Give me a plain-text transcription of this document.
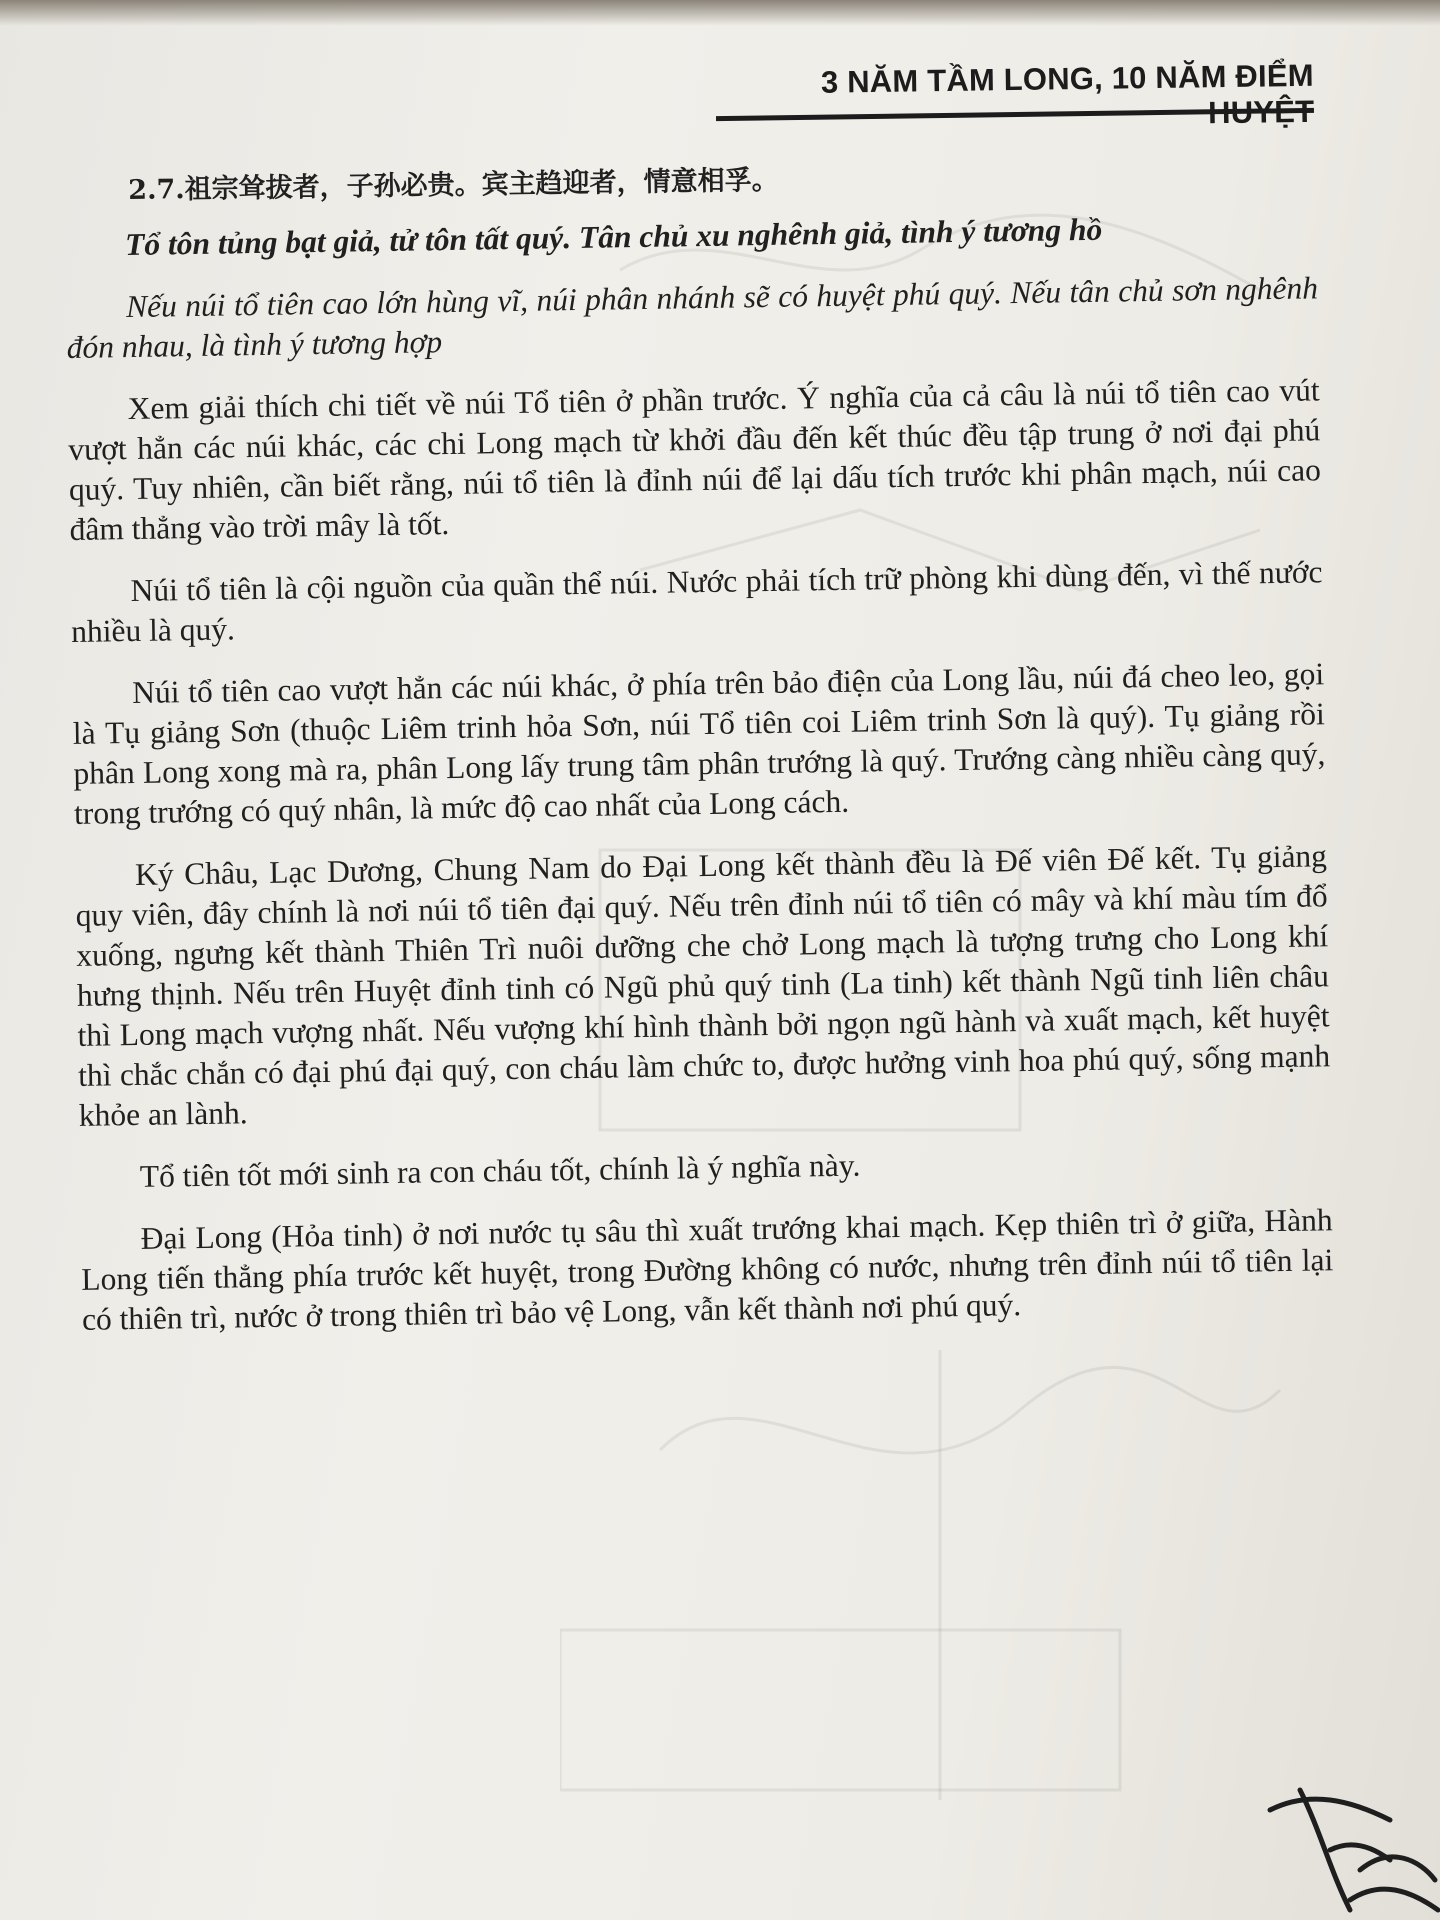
3 NĂM TẦM LONG, 10 NĂM ĐIỂM HUYỆT
2.7.祖宗耸拔者，子孙必贵。宾主趋迎者，情意相孚。

Tổ tôn tủng bạt giả, tử tôn tất quý. Tân chủ xu nghênh giả, tình ý tương hồ

Nếu núi tổ tiên cao lớn hùng vĩ, núi phân nhánh sẽ có huyệt phú quý. Nếu tân chủ sơn nghênh đón nhau, là tình ý tương hợp

Xem giải thích chi tiết về núi Tổ tiên ở phần trước. Ý nghĩa của cả câu là núi tổ tiên cao vút vượt hẳn các núi khác, các chi Long mạch từ khởi đầu đến kết thúc đều tập trung ở nơi đại phú quý. Tuy nhiên, cần biết rằng, núi tổ tiên là đỉnh núi để lại dấu tích trước khi phân mạch, núi cao đâm thẳng vào trời mây là tốt.

Núi tổ tiên là cội nguồn của quần thể núi. Nước phải tích trữ phòng khi dùng đến, vì thế nước nhiều là quý.

Núi tổ tiên cao vượt hẳn các núi khác, ở phía trên bảo điện của Long lầu, núi đá cheo leo, gọi là Tụ giảng Sơn (thuộc Liêm trinh hỏa Sơn, núi Tổ tiên coi Liêm trinh Sơn là quý). Tụ giảng rồi phân Long xong mà ra, phân Long lấy trung tâm phân trướng là quý. Trướng càng nhiều càng quý, trong trướng có quý nhân, là mức độ cao nhất của Long cách.

Ký Châu, Lạc Dương, Chung Nam do Đại Long kết thành đều là Đế viên Đế kết. Tụ giảng quy viên, đây chính là nơi núi tổ tiên đại quý. Nếu trên đỉnh núi tổ tiên có mây và khí màu tím đổ xuống, ngưng kết thành Thiên Trì nuôi dưỡng che chở Long mạch là tượng trưng cho Long khí hưng thịnh. Nếu trên Huyệt đỉnh tinh có Ngũ phủ quý tinh (La tinh) kết thành Ngũ tinh liên châu thì Long mạch vượng nhất. Nếu vượng khí hình thành bởi ngọn ngũ hành và xuất mạch, kết huyệt thì chắc chắn có đại phú đại quý, con cháu làm chức to, được hưởng vinh hoa phú quý, sống mạnh khỏe an lành.

Tổ tiên tốt mới sinh ra con cháu tốt, chính là ý nghĩa này.

Đại Long (Hỏa tinh) ở nơi nước tụ sâu thì xuất trướng khai mạch. Kẹp thiên trì ở giữa, Hành Long tiến thẳng phía trước kết huyệt, trong Đường không có nước, nhưng trên đỉnh núi tổ tiên lại có thiên trì, nước ở trong thiên trì bảo vệ Long, vẫn kết thành nơi phú quý.
